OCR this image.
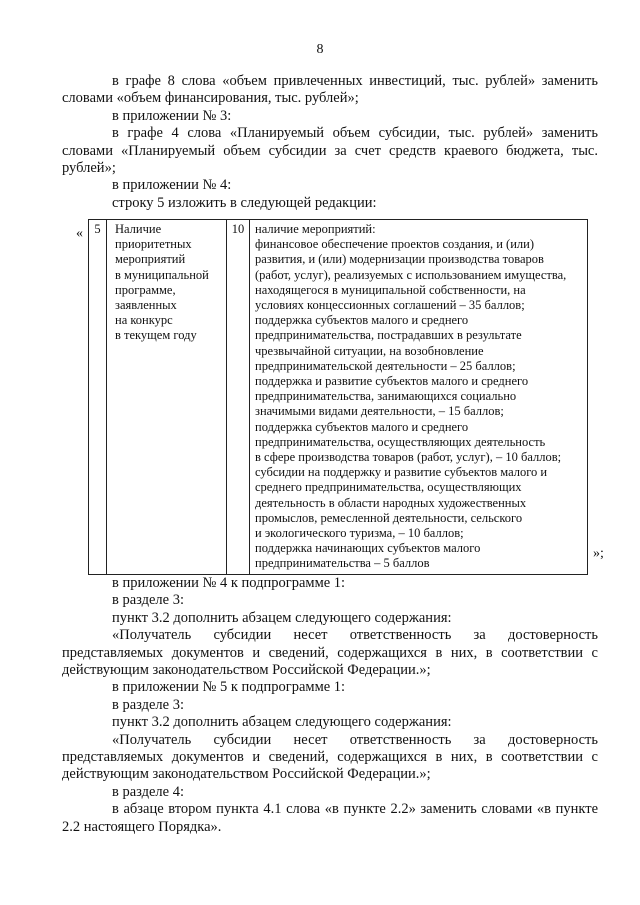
8

в графе 8 слова «объем привлеченных инвестиций, тыс. рублей» заменить словами «объем финансирования, тыс. рублей»;

в приложении № 3:

в графе 4 слова «Планируемый объем субсидии, тыс. рублей» заменить словами «Планируемый объем субсидии за счет средств краевого бюджета, тыс. рублей»;

в приложении № 4:

строку 5 изложить в следующей редакции:

« 5	Наличие
приоритетных
мероприятий
в муниципальной
программе,
заявленных
на конкурс
в текущем году
	10	наличие мероприятий:
финансовое обеспечение проектов создания, и (или)
развития, и (или) модернизации производства товаров
(работ, услуг), реализуемых с использованием имущества,
находящегося в муниципальной собственности, на
условиях концессионных соглашений – 35 баллов;
поддержка субъектов малого и среднего
предпринимательства, пострадавших в результате
чрезвычайной ситуации, на возобновление
предпринимательской деятельности – 25 баллов;
поддержка и развитие субъектов малого и среднего
предпринимательства, занимающихся социально
значимыми видами деятельности, – 15 баллов;
поддержка субъектов малого и среднего
предпринимательства, осуществляющих деятельность
в сфере производства товаров (работ, услуг), – 10 баллов;
субсидии на поддержку и развитие субъектов малого и
среднего предпринимательства, осуществляющих
деятельность в области народных художественных
промыслов, ремесленной деятельности, сельского
и экологического туризма, – 10 баллов;
поддержка начинающих субъектов малого
предпринимательства – 5 баллов
»;

в приложении № 4 к подпрограмме 1:

в разделе 3:

пункт 3.2 дополнить абзацем следующего содержания:

«Получатель субсидии несет ответственность за достоверность представляемых документов и сведений, содержащихся в них, в соответствии с действующим законодательством Российской Федерации.»;

в приложении № 5 к подпрограмме 1:

в разделе 3:

пункт 3.2 дополнить абзацем следующего содержания:

«Получатель субсидии несет ответственность за достоверность представляемых документов и сведений, содержащихся в них, в соответствии с действующим законодательством Российской Федерации.»;

в разделе 4:

в абзаце втором пункта 4.1 слова «в пункте 2.2» заменить словами «в пункте 2.2 настоящего Порядка».
